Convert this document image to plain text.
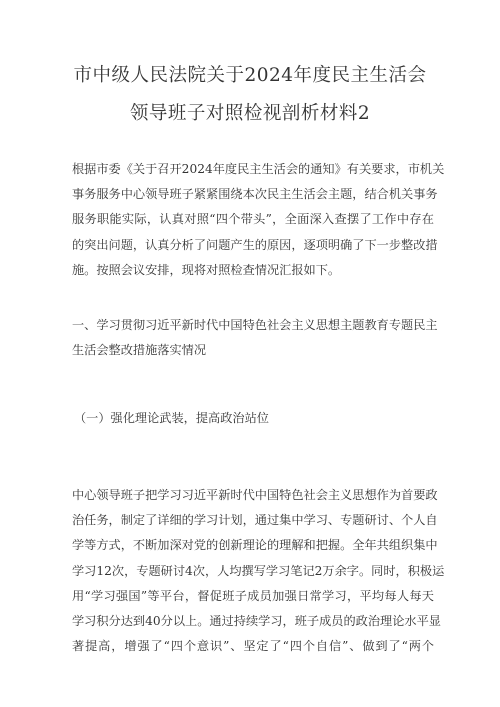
市中级人民法院关于2024年度民主生活会
领导班子对照检视剖析材料2
根据市委《关于召开2024年度民主生活会的通知》有关要求，市机关
事务服务中心领导班子紧紧围绕本次民主生活会主题，结合机关事务
服务职能实际，认真对照“四个带头”，全面深入查摆了工作中存在
的突出问题，认真分析了问题产生的原因，逐项明确了下一步整改措
施。按照会议安排，现将对照检查情况汇报如下。
一、学习贯彻习近平新时代中国特色社会主义思想主题教育专题民主
生活会整改措施落实情况
（一）强化理论武装，提高政治站位
中心领导班子把学习习近平新时代中国特色社会主义思想作为首要政
治任务，制定了详细的学习计划，通过集中学习、专题研讨、个人自
学等方式，不断加深对党的创新理论的理解和把握。全年共组织集中
学习12次，专题研讨4次，人均撰写学习笔记2万余字。同时，积极运
用“学习强国”等平台，督促班子成员加强日常学习，平均每人每天
学习积分达到40分以上。通过持续学习，班子成员的政治理论水平显
著提高，增强了“四个意识”、坚定了“四个自信”、做到了“两个
